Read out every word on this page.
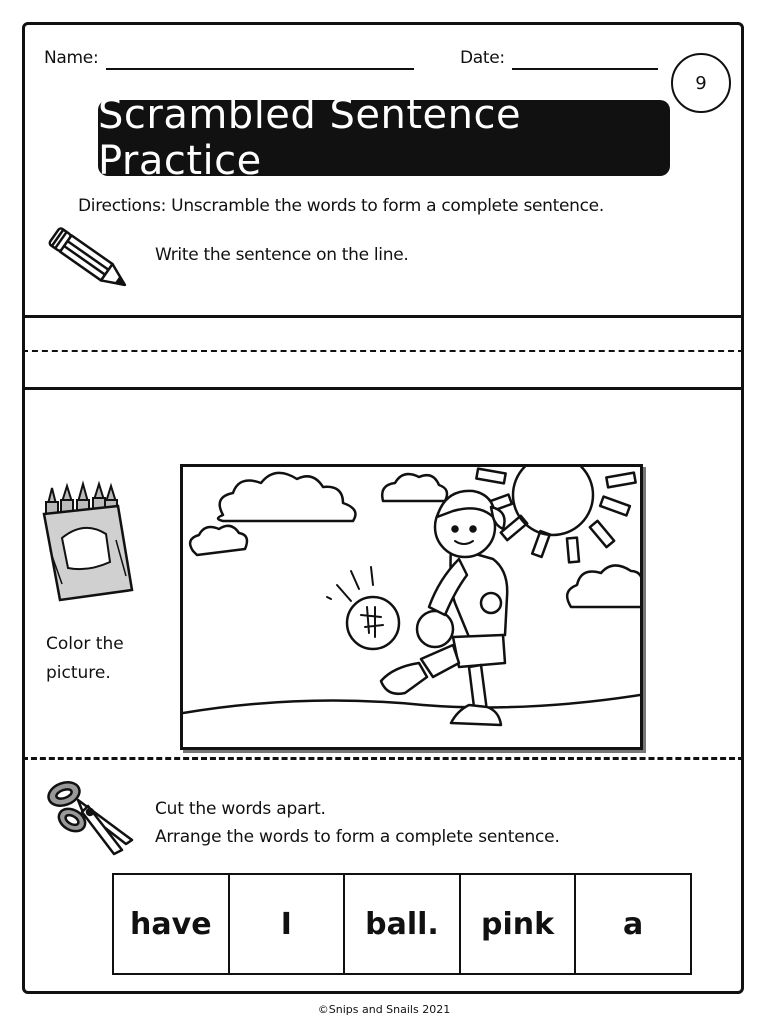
Name:	Date:
9
Scrambled Sentence Practice
Directions: Unscramble the words to form a complete sentence.
Write the sentence on the line.
Color the
picture.
Cut the words apart.
Arrange the words to form a complete sentence.
have	I	ball.	pink	a
©Snips and Snails 2021
